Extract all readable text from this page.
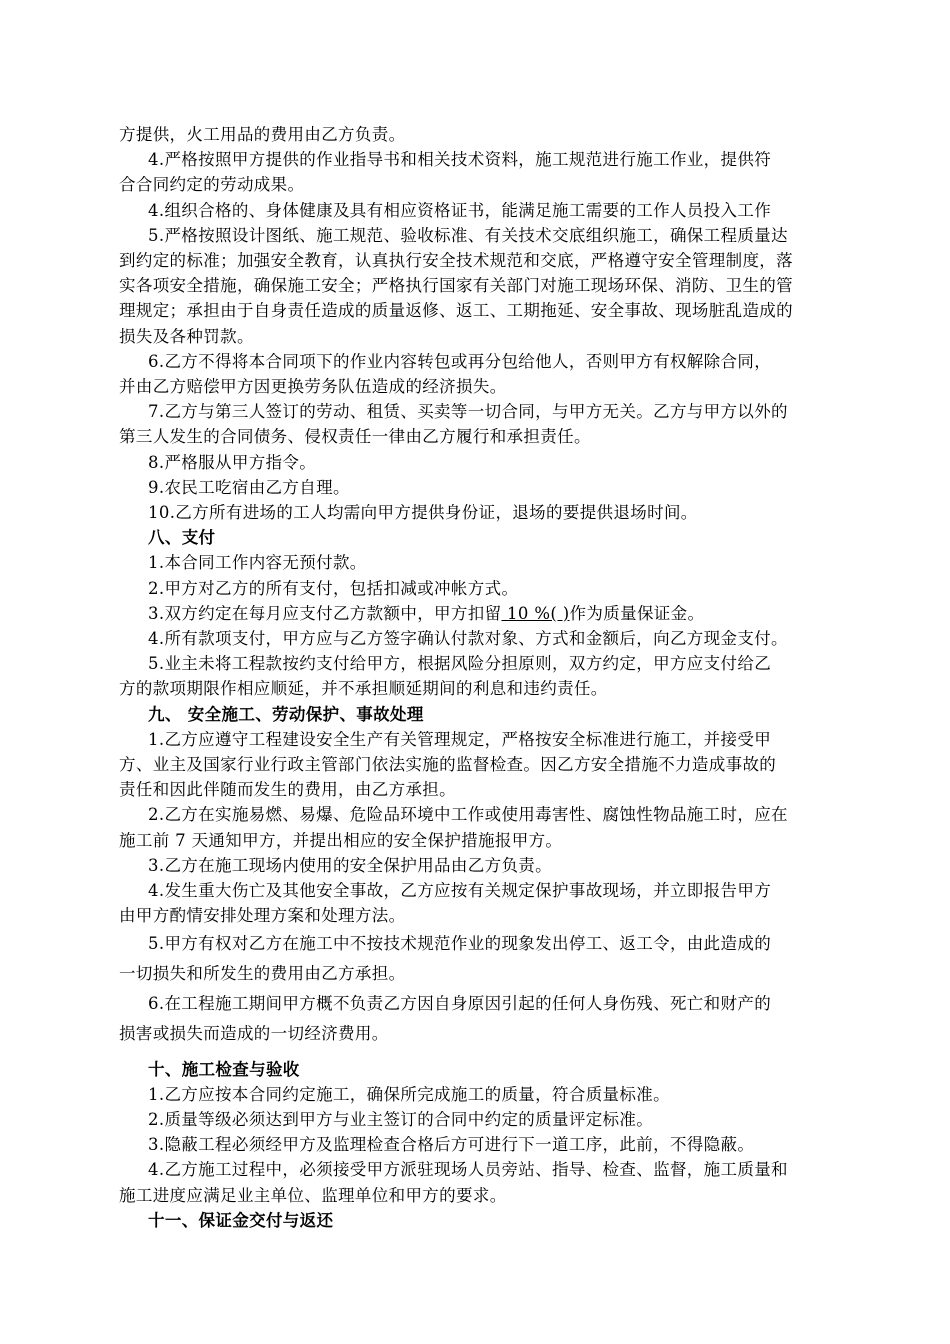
方提供，火工用品的费用由乙方负责。
4.严格按照甲方提供的作业指导书和相关技术资料，施工规范进行施工作业，提供符
合合同约定的劳动成果。
4.组织合格的、身体健康及具有相应资格证书，能满足施工需要的工作人员投入工作
5.严格按照设计图纸、施工规范、验收标准、有关技术交底组织施工，确保工程质量达
到约定的标准；加强安全教育，认真执行安全技术规范和交底，严格遵守安全管理制度，落
实各项安全措施，确保施工安全；严格执行国家有关部门对施工现场环保、消防、卫生的管
理规定；承担由于自身责任造成的质量返修、返工、工期拖延、安全事故、现场脏乱造成的
损失及各种罚款。
6.乙方不得将本合同项下的作业内容转包或再分包给他人，否则甲方有权解除合同，
并由乙方赔偿甲方因更换劳务队伍造成的经济损失。
7.乙方与第三人签订的劳动、租赁、买卖等一切合同，与甲方无关。乙方与甲方以外的
第三人发生的合同债务、侵权责任一律由乙方履行和承担责任。
8.严格服从甲方指令。
9.农民工吃宿由乙方自理。
10.乙方所有进场的工人均需向甲方提供身份证，退场的要提供退场时间。
八、支付
1.本合同工作内容无预付款。
2.甲方对乙方的所有支付，包括扣减或冲帐方式。
3.双方约定在每月应支付乙方款额中，甲方扣留 10 %( )作为质量保证金。
4.所有款项支付，甲方应与乙方签字确认付款对象、方式和金额后，向乙方现金支付。
5.业主未将工程款按约支付给甲方，根据风险分担原则，双方约定，甲方应支付给乙
方的款项期限作相应顺延，并不承担顺延期间的利息和违约责任。
九、 安全施工、劳动保护、事故处理
1.乙方应遵守工程建设安全生产有关管理规定，严格按安全标准进行施工，并接受甲
方、业主及国家行业行政主管部门依法实施的监督检查。因乙方安全措施不力造成事故的
责任和因此伴随而发生的费用，由乙方承担。
2.乙方在实施易燃、易爆、危险品环境中工作或使用毒害性、腐蚀性物品施工时，应在
施工前 7 天通知甲方，并提出相应的安全保护措施报甲方。
3.乙方在施工现场内使用的安全保护用品由乙方负责。
4.发生重大伤亡及其他安全事故，乙方应按有关规定保护事故现场，并立即报告甲方
由甲方酌情安排处理方案和处理方法。
5.甲方有权对乙方在施工中不按技术规范作业的现象发出停工、返工令，由此造成的
一切损失和所发生的费用由乙方承担。
6.在工程施工期间甲方概不负责乙方因自身原因引起的任何人身伤残、死亡和财产的
损害或损失而造成的一切经济费用。
十、施工检查与验收
1.乙方应按本合同约定施工，确保所完成施工的质量，符合质量标准。
2.质量等级必须达到甲方与业主签订的合同中约定的质量评定标准。
3.隐蔽工程必须经甲方及监理检查合格后方可进行下一道工序，此前，不得隐蔽。
4.乙方施工过程中，必须接受甲方派驻现场人员旁站、指导、检查、监督，施工质量和
施工进度应满足业主单位、监理单位和甲方的要求。
十一、保证金交付与返还
